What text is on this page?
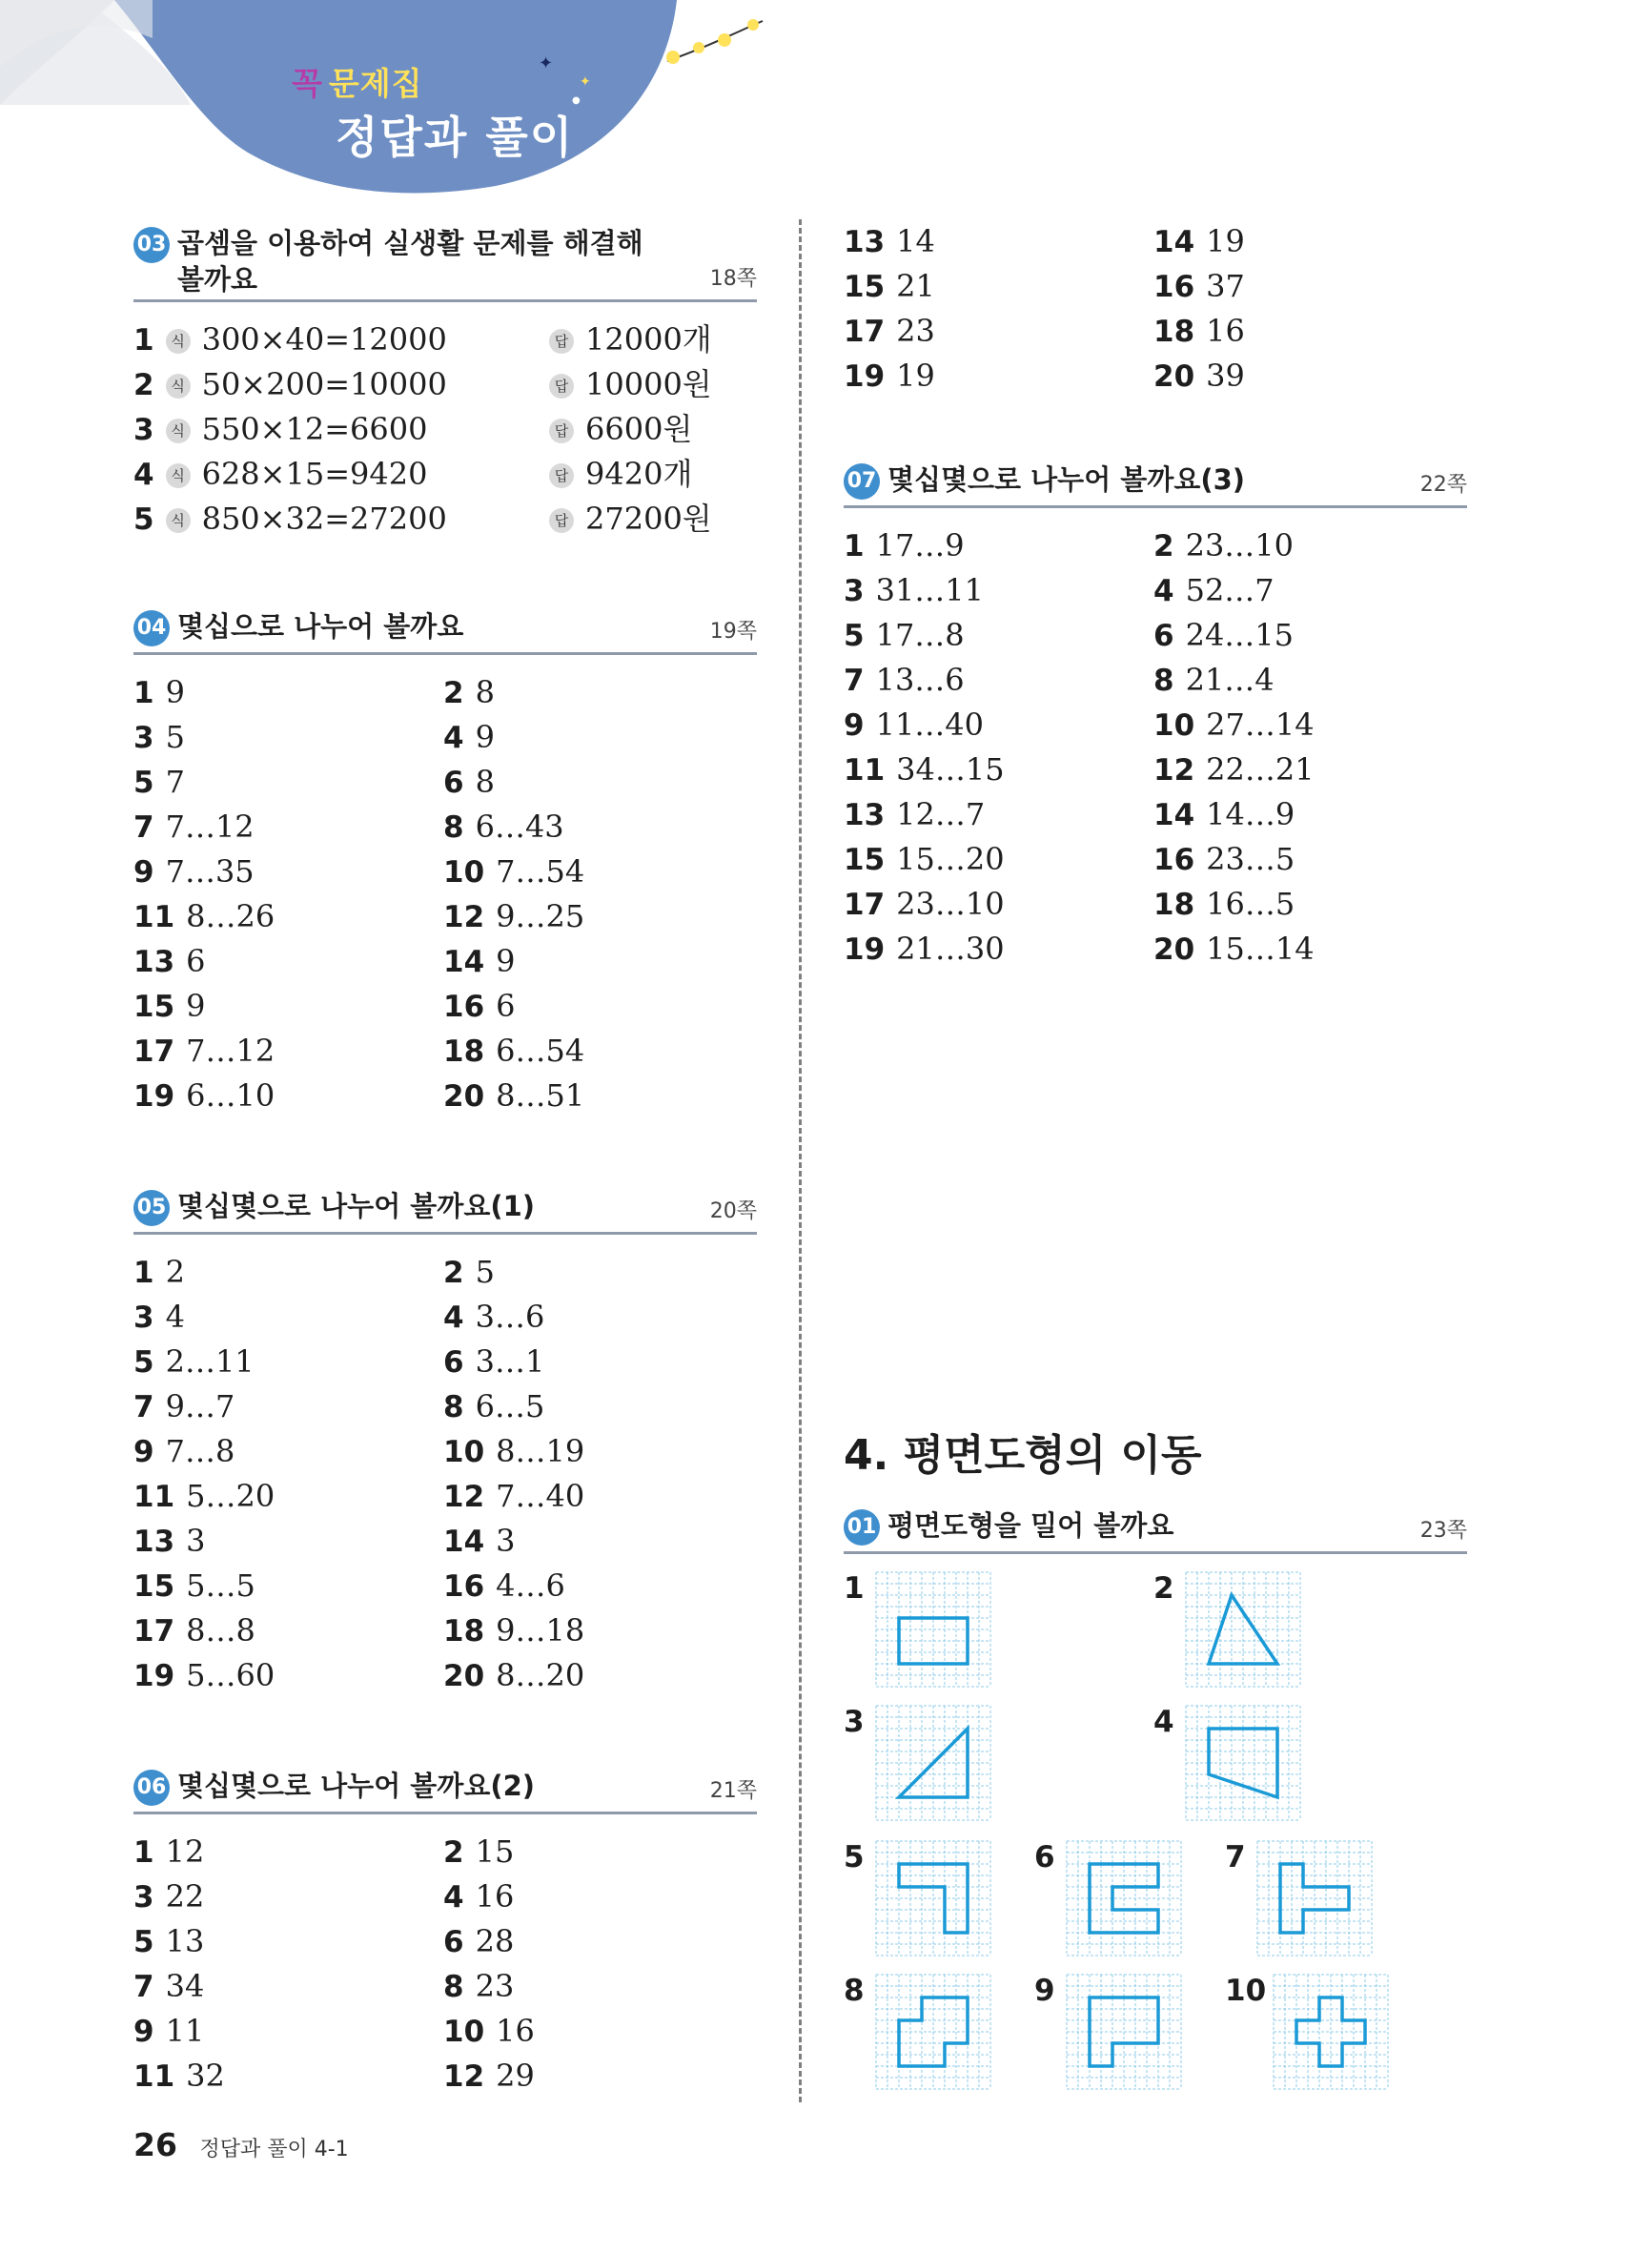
✦
✦
●
꼭 문제집
정답과 풀이
03 곱셈을 이용하여 실생활 문제를 해결해 볼까요	18쪽
1 식 300×40=12000	답 12000개
2 식 50×200=10000	답 10000원
3 식 550×12=6600	답 6600원
4 식 628×15=9420	답 9420개
5 식 850×32=27200	답 27200원
04 몇십으로 나누어 볼까요	19쪽
1 9	2 8
3 5	4 9
5 7	6 8
7 7…12	8 6…43
9 7…35	10 7…54
11 8…26	12 9…25
13 6	14 9
15 9	16 6
17 7…12	18 6…54
19 6…10	20 8…51
05 몇십몇으로 나누어 볼까요(1)	20쪽
1 2	2 5
3 4	4 3…6
5 2…11	6 3…1
7 9…7	8 6…5
9 7…8	10 8…19
11 5…20	12 7…40
13 3	14 3
15 5…5	16 4…6
17 8…8	18 9…18
19 5…60	20 8…20
06 몇십몇으로 나누어 볼까요(2)	21쪽
1 12	2 15
3 22	4 16
5 13	6 28
7 34	8 23
9 11	10 16
11 32	12 29
13 14	14 19
15 21	16 37
17 23	18 16
19 19	20 39
07 몇십몇으로 나누어 볼까요(3)	22쪽
1 17…9	2 23…10
3 31…11	4 52…7
5 17…8	6 24…15
7 13…6	8 21…4
9 11…40	10 27…14
11 34…15	12 22…21
13 12…7	14 14…9
15 15…20	16 23…5
17 23…10	18 16…5
19 21…30	20 15…14
4. 평면도형의 이동
01 평면도형을 밀어 볼까요	23쪽
1	2
3	4
5	6	7
8	9	10
26 정답과 풀이 4-1
